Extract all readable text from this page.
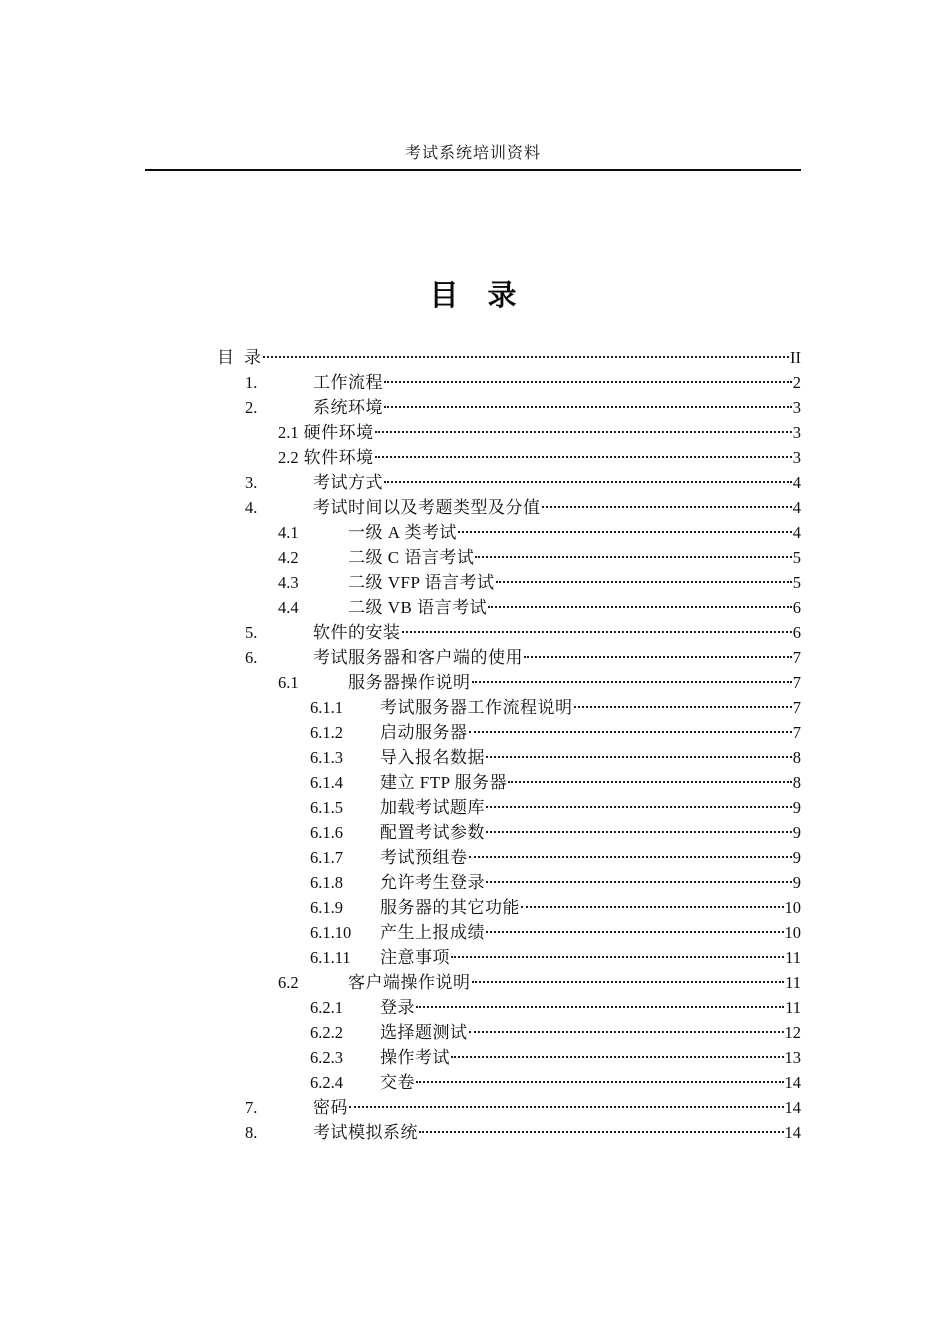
考试系统培训资料
目　录
目  录	II
1.	工作流程	2
2.	系统环境	3
2.1 硬件环境	3
2.2 软件环境	3
3.	考试方式	4
4.	考试时间以及考题类型及分值	4
4.1	一级 A 类考试	4
4.2	二级 C 语言考试	5
4.3	二级 VFP 语言考试	5
4.4	二级 VB 语言考试	6
5.	软件的安装	6
6.	考试服务器和客户端的使用	7
6.1	服务器操作说明	7
6.1.1	考试服务器工作流程说明	7
6.1.2	启动服务器	7
6.1.3	导入报名数据	8
6.1.4	建立 FTP 服务器	8
6.1.5	加载考试题库	9
6.1.6	配置考试参数	9
6.1.7	考试预组卷	9
6.1.8	允许考生登录	9
6.1.9	服务器的其它功能	10
6.1.10	产生上报成绩	10
6.1.11	注意事项	11
6.2	客户端操作说明	11
6.2.1	登录	11
6.2.2	选择题测试	12
6.2.3	操作考试	13
6.2.4	交卷	14
7.	密码	14
8.	考试模拟系统	14
